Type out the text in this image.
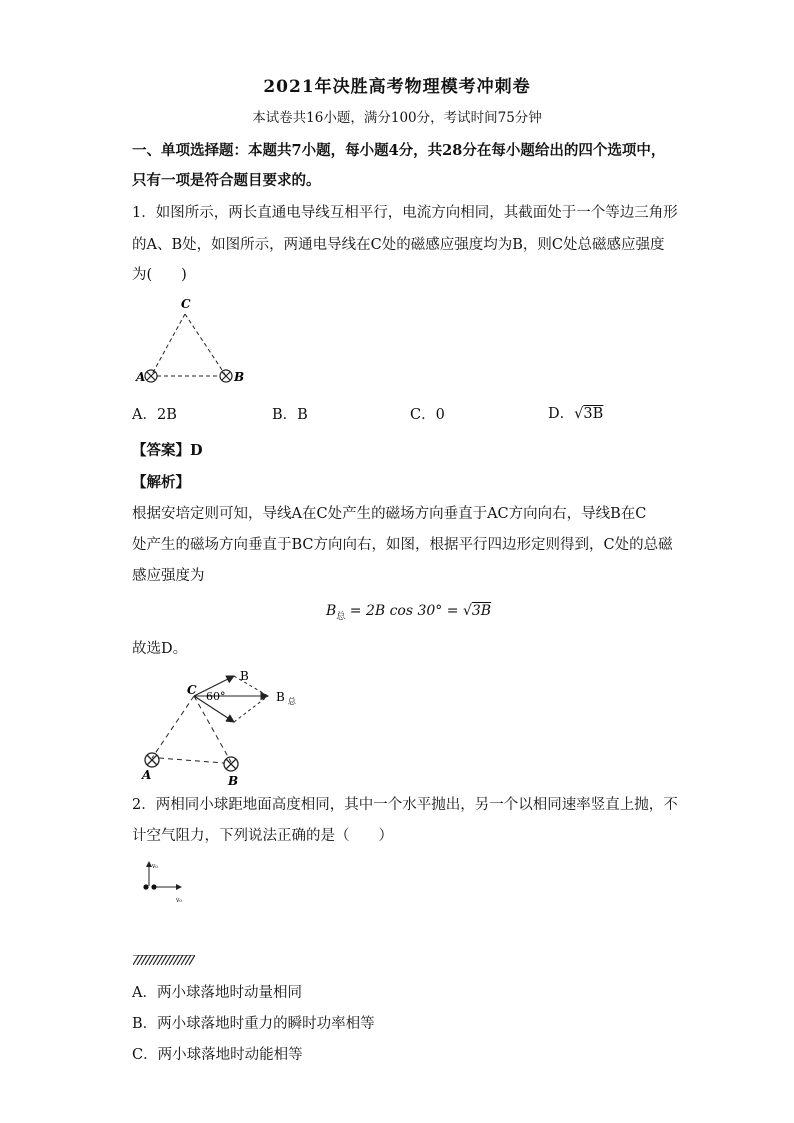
2021年决胜高考物理模考冲刺卷
本试卷共16小题，满分100分，考试时间75分钟
一、单项选择题：本题共7小题，每小题4分，共28分在每小题给出的四个选项中，
只有一项是符合题目要求的。
1．如图所示，两长直通电导线互相平行，电流方向相同，其截面处于一个等边三角形
的A、B处，如图所示，两通电导线在C处的磁感应强度均为B，则C处总磁感应强度
为(　　)
C
A	B
A．2B	B．B	C．0	D．√3B
【答案】D
【解析】
根据安培定则可知，导线A在C处产生的磁场方向垂直于AC方向向右，导线B在C
处产生的磁场方向垂直于BC方向向右，如图，根据平行四边形定则得到，C处的总磁
感应强度为
$B_总 = 2B$ cos 30° = √3B
故选D。
C 60°
B
B $_总$
A	B
2．两相同小球距地面高度相同，其中一个水平抛出，另一个以相同速率竖直上抛，不
计空气阻力，下列说法正确的是（　　）
v₀
v₀
A．两小球落地时动量相同
B．两小球落地时重力的瞬时功率相等
C．两小球落地时动能相等
